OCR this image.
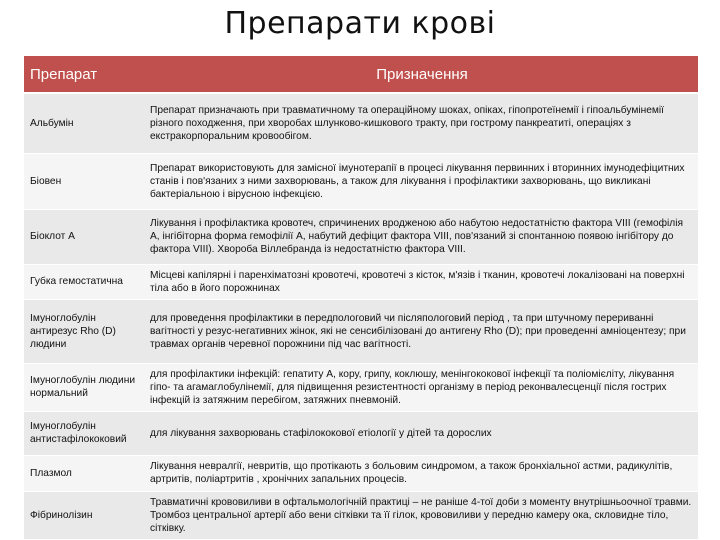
Препарати крові
Препарат	Призначення
Альбумін	Препарат призначають при травматичному та операційному шоках, опіках, гіпопротеїнемії і гіпоальбумінемії різного походження, при хворобах шлунково-кишкового тракту, при гострому панкреатиті, операціях з екстракорпоральним кровообігом.
Біовен	Препарат використовують для замісної імунотерапії в процесі лікування первинних і вторинних імунодефіцитних станів і пов'язаних з ними захворювань, а також для лікування і профілактики захворювань, що викликані бактеріальною і вірусною інфекцією.
Біоклот А	Лікування і профілактика кровотеч, спричинених вродженою або набутою недостатністю фактора VIII (гемофілія А, інгібіторна форма гемофілії А, набутий дефіцит фактора VIII, пов'язаний зі спонтанною появою інгібітору до фактора VIII). Хвороба Віллебранда із недостатністю фактора VIII.
Губка гемостатична	Місцеві капілярні і паренхіматозні кровотечі, кровотечі з кісток, м'язів і тканин, кровотечі локалізовані на поверхні тіла або в його порожнинах
Імуноглобулін антирезус Rho (D) людини	для проведення профілактики в передпологовий чи післяпологовий період , та при штучному перериванні вагітності у резус-негативних жінок, які не сенсибілізовані до антигену Rho (D); при проведенні амніоцентезу; при травмах органів черевної порожнини під час вагітності.
Імуноглобулін людини нормальний	для профілактики інфекцій: гепатиту А, кору, грипу, коклюшу, менінгококової інфекції та поліомієліту, лікування гіпо- та агамаглобулінемії, для підвищення резистентності організму в період реконвалесценції після гострих інфекцій із затяжним перебігом, затяжних пневмоній.
Імуноглобулін антистафілококовий	для лікування захворювань стафілококової етіології у дітей та дорослих
Плазмол	Лікування невралгії, невритів, що протікають з больовим синдромом, а також бронхіальної астми, радикулітів, артритів, поліартритів , хронічних запальних процесів.
Фібринолізин	Травматичні крововиливи в офтальмологічній практиці – не раніше 4-тої доби з моменту внутрішньоочної травми. Тромбоз центральної артерії або вени сітківки та її гілок, крововиливи у передню камеру ока, скловидне тіло, сітківку.
